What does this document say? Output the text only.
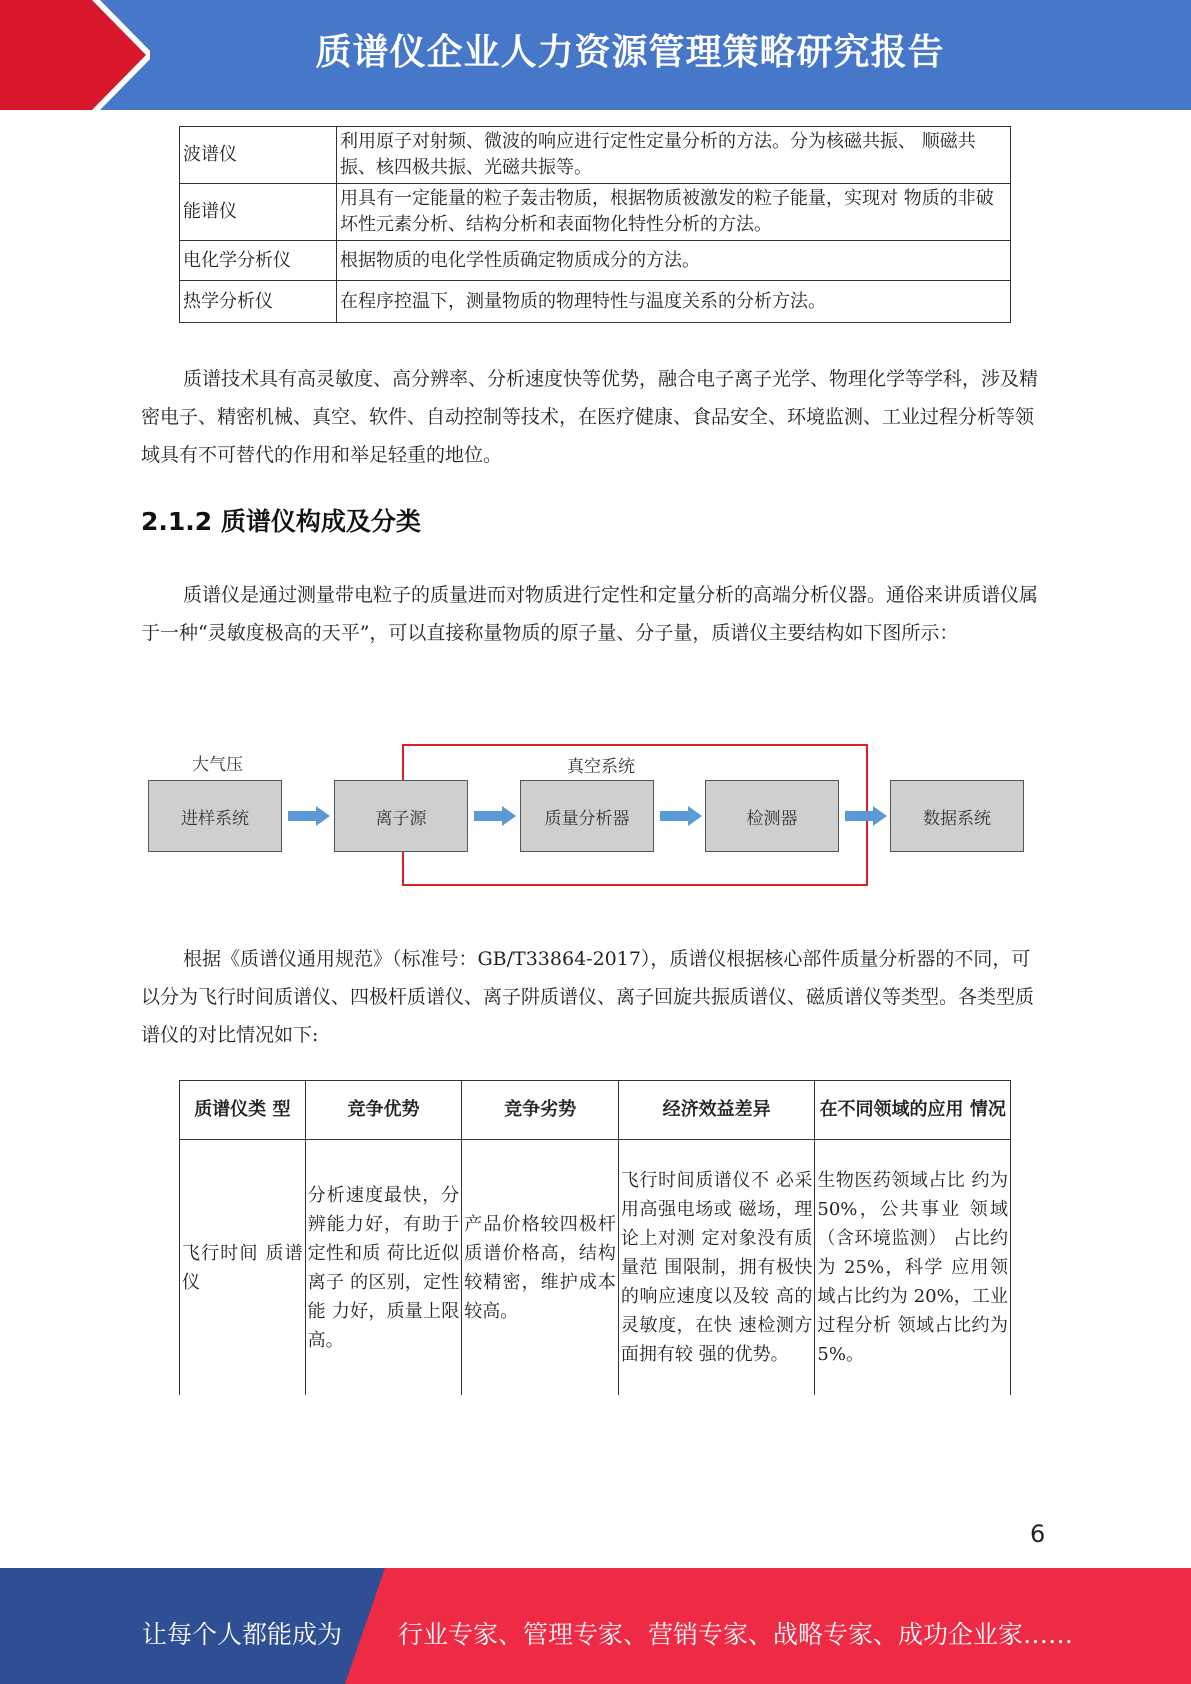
质谱仪企业人力资源管理策略研究报告
波谱仪	利用原子对射频、微波的响应进行定性定量分析的方法。分为核磁共振、 顺磁共振、核四极共振、光磁共振等。
能谱仪	用具有一定能量的粒子轰击物质，根据物质被激发的粒子能量，实现对 物质的非破坏性元素分析、结构分析和表面物化特性分析的方法。
电化学分析仪	根据物质的电化学性质确定物质成分的方法。
热学分析仪	在程序控温下，测量物质的物理特性与温度关系的分析方法。

质谱技术具有高灵敏度、高分辨率、分析速度快等优势，融合电子离子光学、物理化学等学科，涉及精密电子、精密机械、真空、软件、自动控制等技术，在医疗健康、食品安全、环境监测、工业过程分析等领域具有不可替代的作用和举足轻重的地位。

2.1.2 质谱仪构成及分类

质谱仪是通过测量带电粒子的质量进而对物质进行定性和定量分析的高端分析仪器。通俗来讲质谱仪属于一种“灵敏度极高的天平”，可以直接称量物质的原子量、分子量，质谱仪主要结构如下图所示：

大气压	真空系统
进样系统	离子源	质量分析器	检测器	数据系统

根据《质谱仪通用规范》（标准号：GB/T33864-2017），质谱仪根据核心部件质量分析器的不同，可以分为飞行时间质谱仪、四极杆质谱仪、离子阱质谱仪、离子回旋共振质谱仪、磁质谱仪等类型。各类型质谱仪的对比情况如下:

质谱仪类 型	竞争优势	竞争劣势	经济效益差异	在不同领域的应用 情况
飞行时间 质谱仪	分析速度最快，分辨能力好，有助于定性和质 荷比近似离子 的区别，定性能 力好，质量上限 高。	产品价格较四极杆质谱价格高，结构较精密，维护成本较高。	飞行时间质谱仪不 必采用高强电场或 磁场，理论上对测 定对象没有质量范 围限制，拥有极快 的响应速度以及较 高的灵敏度，在快 速检测方面拥有较 强的优势。	生物医药领域占比 约为 50%，公共事业 领域（含环境监测） 占比约为 25%，科学 应用领域占比约为 20%，工业过程分析 领域占比约为 5%。
6
让每个人都能成为 行业专家、管理专家、营销专家、战略专家、成功企业家……
